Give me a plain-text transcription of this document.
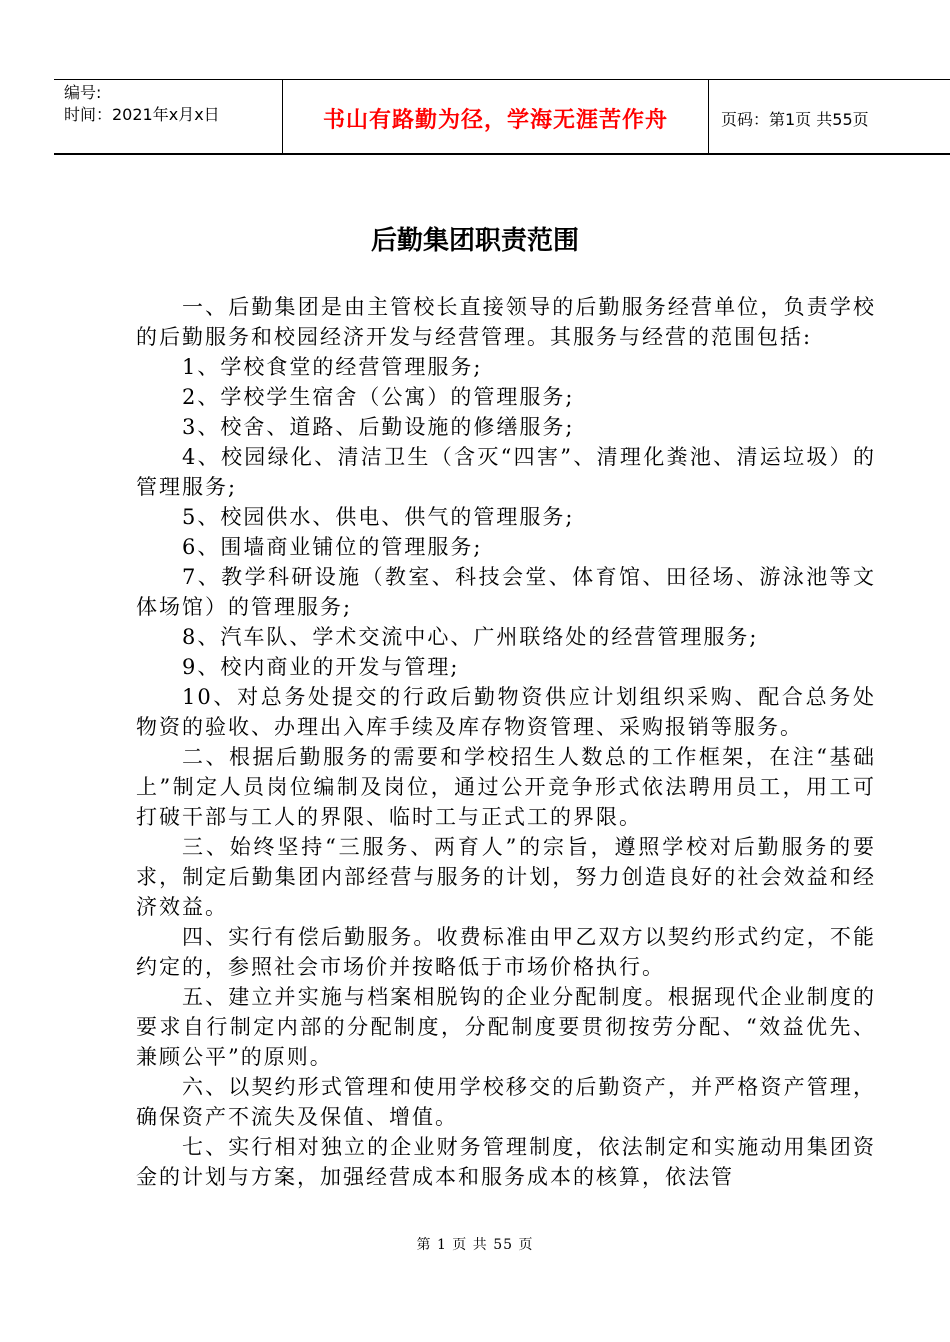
编号:
时间：2021年x月x日	书山有路勤为径，学海无涯苦作舟	页码：第1页 共55页
后勤集团职责范围

一、后勤集团是由主管校长直接领导的后勤服务经营单位，负责学校的后勤服务和校园经济开发与经营管理。其服务与经营的范围包括:

1、学校食堂的经营管理服务;

2、学校学生宿舍（公寓）的管理服务;

3、校舍、道路、后勤设施的修缮服务;

4、校园绿化、清洁卫生（含灭“四害”、清理化粪池、清运垃圾）的管理服务;

5、校园供水、供电、供气的管理服务;

6、围墙商业铺位的管理服务;

7、教学科研设施（教室、科技会堂、体育馆、田径场、游泳池等文体场馆）的管理服务;

8、汽车队、学术交流中心、广州联络处的经营管理服务;

9、校内商业的开发与管理;

10、对总务处提交的行政后勤物资供应计划组织采购、配合总务处物资的验收、办理出入库手续及库存物资管理、采购报销等服务。

二、根据后勤服务的需要和学校招生人数总的工作框架，在注“基础上”制定人员岗位编制及岗位，通过公开竞争形式依法聘用员工，用工可打破干部与工人的界限、临时工与正式工的界限。

三、始终坚持“三服务、两育人”的宗旨，遵照学校对后勤服务的要求，制定后勤集团内部经营与服务的计划，努力创造良好的社会效益和经济效益。

四、实行有偿后勤服务。收费标准由甲乙双方以契约形式约定，不能约定的，参照社会市场价并按略低于市场价格执行。

五、建立并实施与档案相脱钩的企业分配制度。根据现代企业制度的要求自行制定内部的分配制度，分配制度要贯彻按劳分配、“效益优先、兼顾公平”的原则。

六、以契约形式管理和使用学校移交的后勤资产，并严格资产管理，确保资产不流失及保值、增值。

七、实行相对独立的企业财务管理制度，依法制定和实施动用集团资金的计划与方案，加强经营成本和服务成本的核算，依法管

第 1 页 共 55 页
